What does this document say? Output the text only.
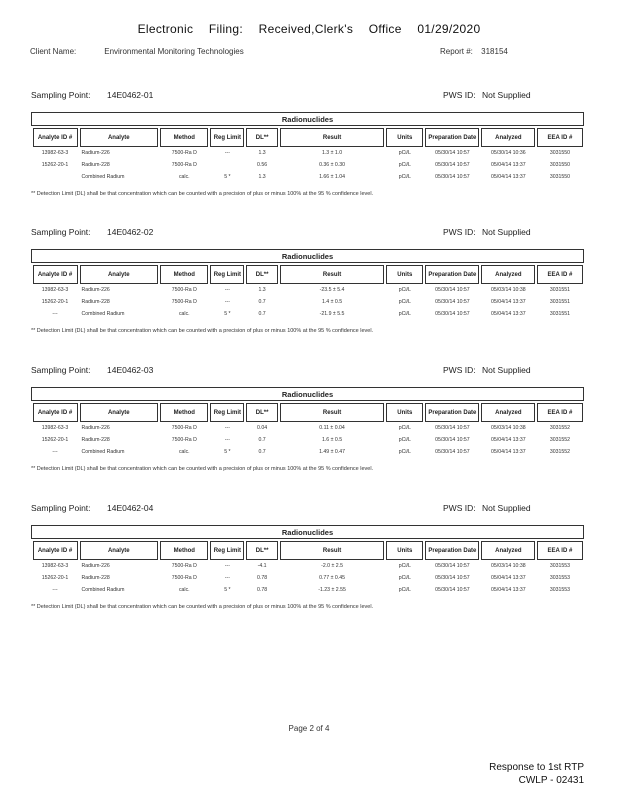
Electronic Filing: Received,Clerk's Office 01/29/2020
Client Name:	Environmental Monitoring Technologies	Report #: 318154
Sampling Point: 14E0462-01	PWS ID: Not Supplied
Radionuclides									

Analyte ID #	Analyte	Method	Reg Limit	DL**	Result	Units	Preparation Date	Analyzed	EEA ID #

13982-63-3	Radium-226	7500-Ra D	---	1.3	1.3 ± 1.0	pCi/L	05/30/14 10:57	05/30/14 10:36	3031550
15262-20-1	Radium-228	7500-Ra D		0.56	0.36 ± 0.30	pCi/L	05/30/14 10:57	05/04/14 13:37	3031550
	Combined Radium	calc.	5 *	1.3	1.66 ± 1.04	pCi/L	05/30/14 10:57	05/04/14 13:37	3031550
** Detection Limit (DL) shall be that concentration which can be counted with a precision of plus or minus 100% at the 95 % confidence level.
Sampling Point: 14E0462-02	PWS ID: Not Supplied
Radionuclides									

Analyte ID #	Analyte	Method	Reg Limit	DL**	Result	Units	Preparation Date	Analyzed	EEA ID #

13982-63-3	Radium-226	7500-Ra D	---	1.3	-23.5 ± 5.4	pCi/L	05/30/14 10:57	05/03/14 10:38	3031551
15262-20-1	Radium-228	7500-Ra D	---	0.7	1.4 ± 0.5	pCi/L	05/30/14 10:57	05/04/14 13:37	3031551
---	Combined Radium	calc.	5 *	0.7	-21.9 ± 5.5	pCi/L	05/30/14 10:57	05/04/14 13:37	3031551
** Detection Limit (DL) shall be that concentration which can be counted with a precision of plus or minus 100% at the 95 % confidence level.
Sampling Point: 14E0462-03	PWS ID: Not Supplied
Radionuclides									

Analyte ID #	Analyte	Method	Reg Limit	DL**	Result	Units	Preparation Date	Analyzed	EEA ID #

13982-63-3	Radium-226	7500-Ra D	---	0.04	0.11 ± 0.04	pCi/L	05/30/14 10:57	05/03/14 10:38	3031552
15262-20-1	Radium-228	7500-Ra D	---	0.7	1.6 ± 0.5	pCi/L	05/30/14 10:57	05/04/14 13:37	3031552
---	Combined Radium	calc.	5 *	0.7	1.49 ± 0.47	pCi/L	05/30/14 10:57	05/04/14 13:37	3031552
** Detection Limit (DL) shall be that concentration which can be counted with a precision of plus or minus 100% at the 95 % confidence level.
Sampling Point: 14E0462-04	PWS ID: Not Supplied
Radionuclides									

Analyte ID #	Analyte	Method	Reg Limit	DL**	Result	Units	Preparation Date	Analyzed	EEA ID #

13982-63-3	Radium-226	7500-Ra D	---	-4.1	-2.0 ± 2.5	pCi/L	05/30/14 10:57	05/03/14 10:38	3031553
15262-20-1	Radium-228	7500-Ra D	---	0.78	0.77 ± 0.45	pCi/L	05/30/14 10:57	05/04/14 13:37	3031553
---	Combined Radium	calc.	5 *	0.78	-1.23 ± 2.55	pCi/L	05/30/14 10:57	05/04/14 13:37	3031553
** Detection Limit (DL) shall be that concentration which can be counted with a precision of plus or minus 100% at the 95 % confidence level.
Page 2 of 4
Response to 1st RTP
CWLP - 02431
